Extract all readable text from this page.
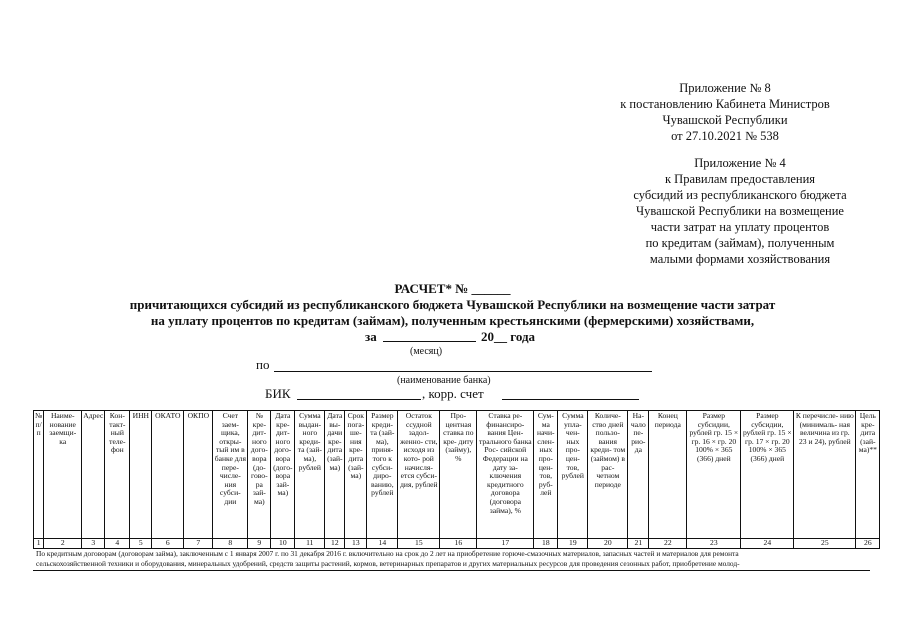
Приложение № 8
к постановлению Кабинета Министров
Чувашской Республики
от 27.10.2021 № 538
Приложение № 4
к Правилам предоставления
субсидий из республиканского бюджета
Чувашской Республики на возмещение
части затрат на уплату процентов
по кредитам (займам), полученным
малыми формами хозяйствования
РАСЧЕТ* № ______
причитающихся субсидий из республиканского бюджета Чувашской Республики на возмещение части затрат
на уплату процентов по кредитам (займам), полученным крестьянскими (фермерскими) хозяйствами,
за	20__ года
(месяц)
по
(наименование банка)
БИК	, корр. счет
№ п/п	Наиме- нование заемщи- ка	Адрес	Кон- такт- ный теле- фон	ИНН	ОКАТО	ОКПО	Счет заем- щика, откры- тый им в банке для пере- числе- ния субси- дии	№ кре- дит- ного дого- вора (до- гово- ра зай- ма)	Дата кре- дит- ного дого- вора (дого- вора зай- ма)	Сумма выдан- ного креди- та (зай- ма), рублей	Дата вы- дачи кре- дита (зай- ма)	Срок пога- ше- ния кре- дита (зай- ма)	Размер креди- та (зай- ма), приня- того к субси- диро- ванию, рублей	Остаток ссудной задол- женно- сти, исходя из кото- рой начисля- ется субси- дия, рублей	Про- центная ставка по кре- диту (займу), %	Ставка ре- финансиро- вания Цен- трального банка Рос- сийской Федерации на дату за- ключения кредитного договора (договора займа), %	Сум- ма начи- слен- ных про- цен- тов, руб- лей	Сумма упла- чен- ных про- цен- тов, рублей	Количе- ство дней пользо- вания креди- том (займом) в рас- четном периоде	На- чало пе- рио- да	Конец периода	Размер субсидии, рублей гр. 15 × гр. 16 × гр. 20 100% × 365 (366) дней	Размер субсидии, рублей гр. 15 × гр. 17 × гр. 20 100% × 365 (366) дней	К перечисле- нию (минималь- ная величина из гр. 23 и 24), рублей	Цель кре- дита (зай- ма)**
1	2	3	4	5	6	7	8	9	10	11	12	13	14	15	16	17	18	19	20	21	22	23	24	25	26
По кредитным договорам (договорам займа), заключенным с 1 января 2007 г. по 31 декабря 2016 г. включительно на срок до 2 лет на приобретение горюче-смазочных материалов, запасных частей и материалов для ремонта
сельскохозяйственной техники и оборудования, минеральных удобрений, средств защиты растений, кормов, ветеринарных препаратов и других материальных ресурсов для проведения сезонных работ, приобретение молод-
